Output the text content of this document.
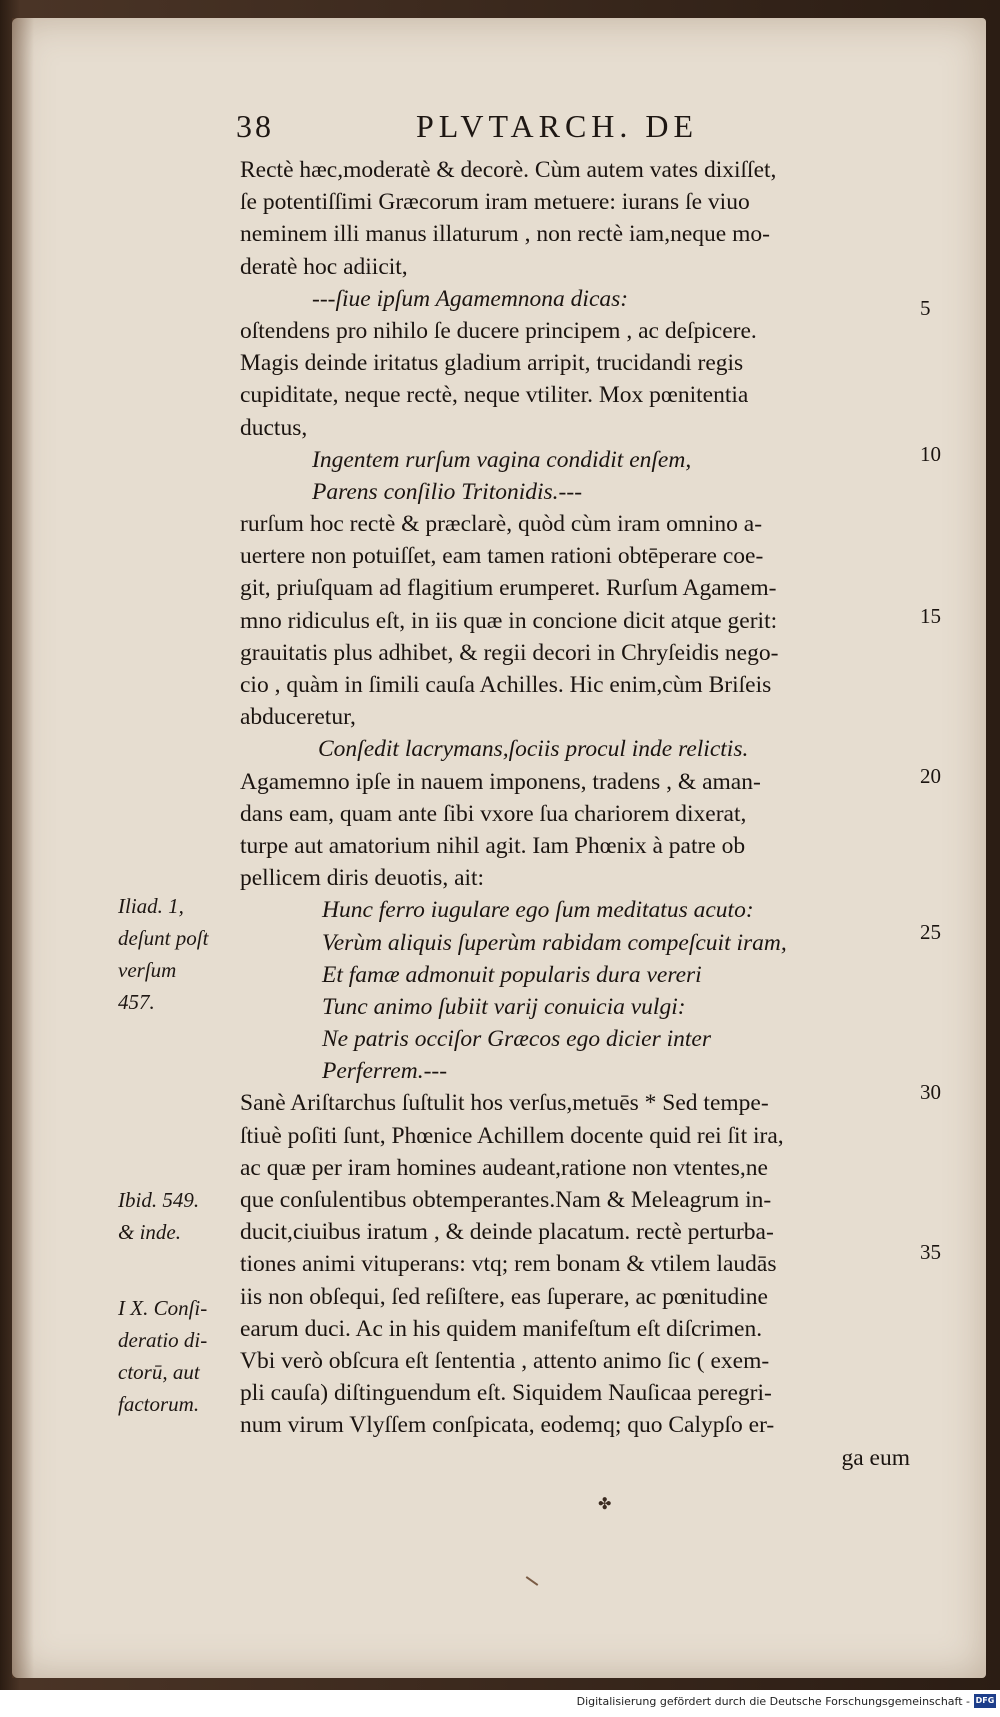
38	PLVTARCH. DE
Rectè hæc,moderatè & decorè. Cùm autem vates dixiſſet,
ſe potentiſſimi Græcorum iram metuere: iurans ſe viuo
neminem illi manus illaturum , non rectè iam,neque mo-
deratè hoc adiicit,
---ſiue ipſum Agamemnona dicas:
oſtendens pro nihilo ſe ducere principem , ac deſpicere.
Magis deinde iritatus gladium arripit, trucidandi regis
cupiditate, neque rectè, neque vtiliter. Mox pœnitentia
ductus,
Ingentem rurſum vagina condidit enſem,
Parens conſilio Tritonidis.---
rurſum hoc rectè & præclarè, quòd cùm iram omnino a-
uertere non potuiſſet, eam tamen rationi obtēperare coe-
git, priuſquam ad flagitium erumperet. Rurſum Agamem-
mno ridiculus eſt, in iis quæ in concione dicit atque gerit:
grauitatis plus adhibet, & regii decori in Chryſeidis nego-
cio , quàm in ſimili cauſa Achilles. Hic enim,cùm Briſeis
abduceretur,
Conſedit lacrymans,ſociis procul inde relictis.
Agamemno ipſe in nauem imponens, tradens , & aman-
dans eam, quam ante ſibi vxore ſua chariorem dixerat,
turpe aut amatorium nihil agit. Iam Phœnix à patre ob
pellicem diris deuotis, ait:
Hunc ferro iugulare ego ſum meditatus acuto:
Verùm aliquis ſuperùm rabidam compeſcuit iram,
Et famæ admonuit popularis dura vereri
Tunc animo ſubiit varij conuicia vulgi:
Ne patris occiſor Græcos ego dicier inter
Perferrem.---
Sanè Ariſtarchus ſuſtulit hos verſus,metuēs * Sed tempe-
ſtiuè poſiti ſunt, Phœnice Achillem docente quid rei ſit ira,
ac quæ per iram homines audeant,ratione non vtentes,ne
que conſulentibus obtemperantes.Nam & Meleagrum in-
ducit,ciuibus iratum , & deinde placatum. rectè perturba-
tiones animi vituperans: vtq; rem bonam & vtilem laudās
iis non obſequi, ſed reſiſtere, eas ſuperare, ac pœnitudine
earum duci. Ac in his quidem manifeſtum eſt diſcrimen.
Vbi verò obſcura eſt ſententia , attento animo ſic ( exem-
pli cauſa) diſtinguendum eſt. Siquidem Nauſicaa peregri-
num virum Vlyſſem conſpicata, eodemq; quo Calypſo er-
ga eum
5
10
15
20
25
30
35
Iliad. 1,
deſunt poſt
verſum
457.
Ibid. 549.
& inde.
I X. Conſi-
deratio di-
ctorū, aut
factorum.
✤
Digitalisierung gefördert durch die Deutsche Forschungsgemeinschaft - DFG
